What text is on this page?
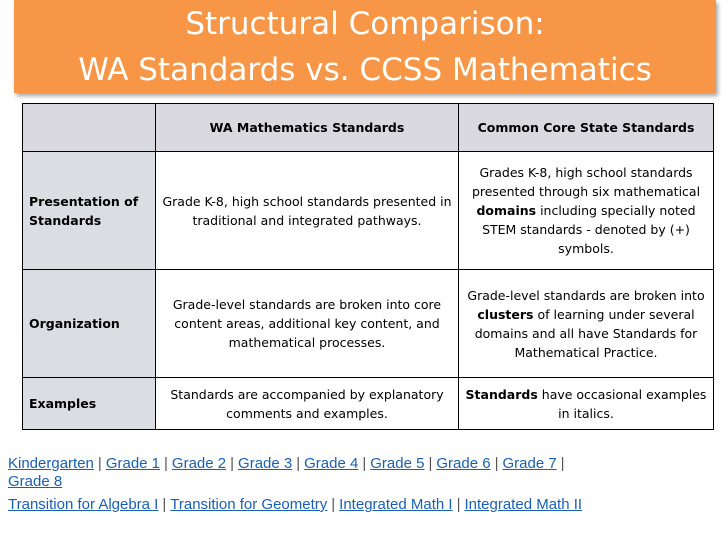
Structural Comparison:
WA Standards vs. CCSS Mathematics
	WA Mathematics Standards	Common Core State Standards
Presentation of Standards	Grade K-8, high school standards presented in traditional and integrated pathways.	Grades K-8, high school standards presented through six mathematical domains including specially noted STEM standards - denoted by (+) symbols.
Organization	Grade-level standards are broken into core content areas, additional key content, and mathematical processes.	Grade-level standards are broken into clusters of learning under several domains and all have Standards for Mathematical Practice.
Examples	Standards are accompanied by explanatory comments and examples.	Standards have occasional examples in italics.
Kindergarten | Grade 1 | Grade 2 | Grade 3 | Grade 4 | Grade 5 | Grade 6 | Grade 7 |
Grade 8
Transition for Algebra I | Transition for Geometry | Integrated Math I | Integrated Math II
